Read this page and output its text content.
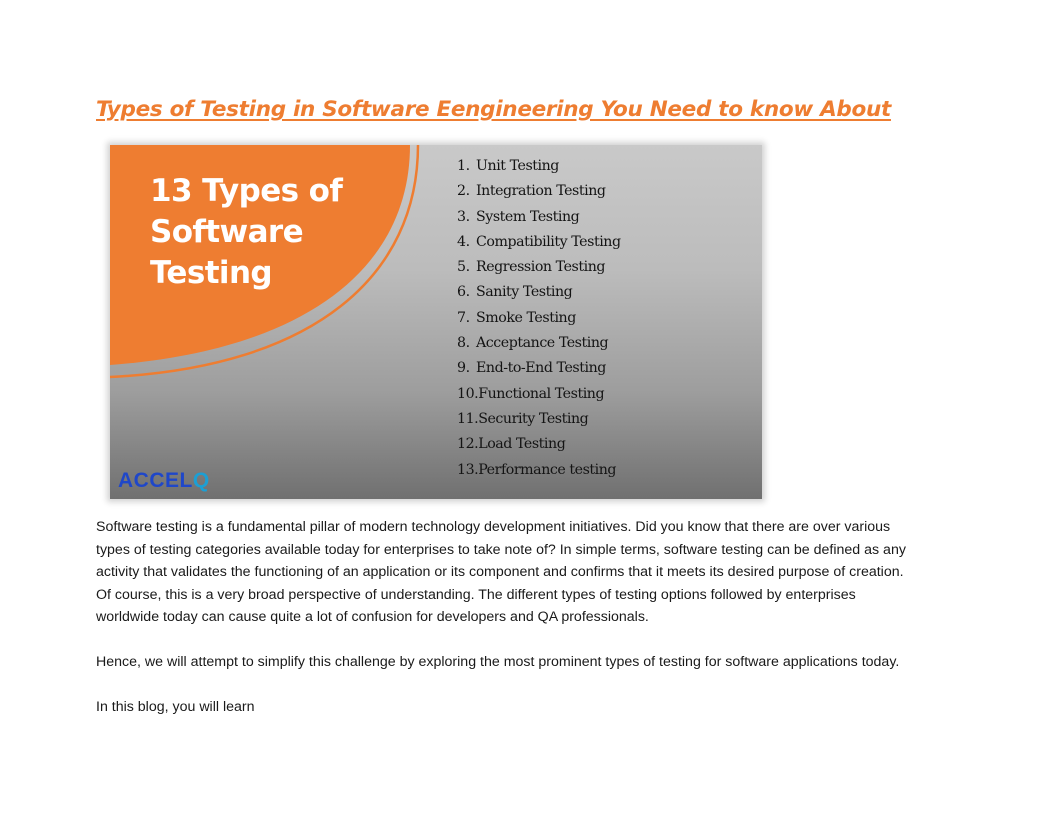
Types of Testing in Software Eengineering You Need to know About
13 Types of
Software
Testing
1. Unit Testing
2. Integration Testing
3. System Testing
4. Compatibility Testing
5. Regression Testing
6. Sanity Testing
7. Smoke Testing
8. Acceptance Testing
9. End-to-End Testing
10. Functional Testing
11. Security Testing
12. Load Testing
13. Performance testing
ACCELQ

Software testing is a fundamental pillar of modern technology development initiatives. Did you know that there are over various
types of testing categories available today for enterprises to take note of? In simple terms, software testing can be defined as any
activity that validates the functioning of an application or its component and confirms that it meets its desired purpose of creation.
Of course, this is a very broad perspective of understanding. The different types of testing options followed by enterprises
worldwide today can cause quite a lot of confusion for developers and QA professionals.

Hence, we will attempt to simplify this challenge by exploring the most prominent types of testing for software applications today.

In this blog, you will learn
